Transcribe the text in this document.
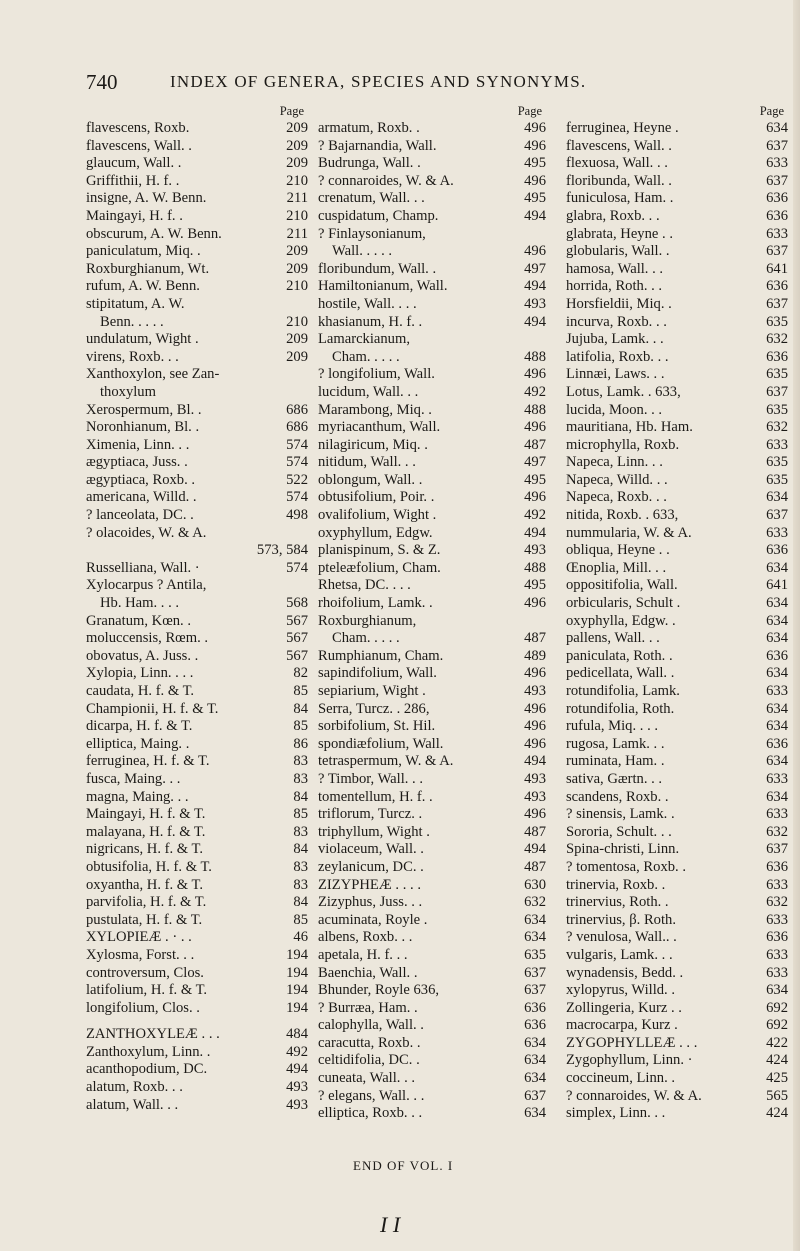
740	INDEX OF GENERA, SPECIES AND SYNONYMS.
Page
flavescens, Roxb.	209
flavescens, Wall. .	209
glaucum, Wall. .	209
Griffithii, H. f. .	210
insigne, A. W. Benn.	211
Maingayi, H. f. .	210
obscurum, A. W. Benn.	211
paniculatum, Miq. .	209
Roxburghianum, Wt.	209
rufum, A. W. Benn.	210
stipitatum, A. W.
Benn. . . . .	210
undulatum, Wight .	209
virens, Roxb. . .	209
Xanthoxylon, see Zan-
thoxylum
Xerospermum, Bl. .	686
Noronhianum, Bl. .	686
Ximenia, Linn. . .	574
ægyptiaca, Juss. .	574
ægyptiaca, Roxb. .	522
americana, Willd. .	574
? lanceolata, DC. .	498
? olacoides, W. & A.
573, 584
Russelliana, Wall. ·	574
Xylocarpus ? Antila,
Hb. Ham. . . .	568
Granatum, Kœn. .	567
moluccensis, Rœm. .	567
obovatus, A. Juss. .	567
Xylopia, Linn. . . .	82
caudata, H. f. & T.	85
Championii, H. f. & T.	84
dicarpa, H. f. & T.	85
elliptica, Maing. .	86
ferruginea, H. f. & T.	83
fusca, Maing. . .	83
magna, Maing. . .	84
Maingayi, H. f. & T.	85
malayana, H. f. & T.	83
nigricans, H. f. & T.	84
obtusifolia, H. f. & T.	83
oxyantha, H. f. & T.	83
parvifolia, H. f. & T.	84
pustulata, H. f. & T.	85
XYLOPIEÆ . · . .	46
Xylosma, Forst. . .	194
controversum, Clos.	194
latifolium, H. f. & T.	194
longifolium, Clos. .	194
ZANTHOXYLEÆ . . .	484
Zanthoxylum, Linn. .	492
acanthopodium, DC.	494
alatum, Roxb. . .	493
alatum, Wall. . .	493
Page
armatum, Roxb. .	496
? Bajarnandia, Wall.	496
Budrunga, Wall. .	495
? connaroides, W. & A.	496
crenatum, Wall. . .	495
cuspidatum, Champ.	494
? Finlaysonianum,
Wall. . . . .	496
floribundum, Wall. .	497
Hamiltonianum, Wall.	494
hostile, Wall. . . .	493
khasianum, H. f. .	494
Lamarckianum,
Cham. . . . .	488
? longifolium, Wall.	496
lucidum, Wall. . .	492
Marambong, Miq. .	488
myriacanthum, Wall.	496
nilagiricum, Miq. .	487
nitidum, Wall. . .	497
oblongum, Wall. .	495
obtusifolium, Poir. .	496
ovalifolium, Wight .	492
oxyphyllum, Edgw.	494
planispinum, S. & Z.	493
pteleæfolium, Cham.	488
Rhetsa, DC. . . .	495
rhoifolium, Lamk. .	496
Roxburghianum,
Cham. . . . .	487
Rumphianum, Cham.	489
sapindifolium, Wall.	496
sepiarium, Wight .	493
Serra, Turcz. . 286,	496
sorbifolium, St. Hil.	496
spondiæfolium, Wall.	496
tetraspermum, W. & A.	494
? Timbor, Wall. . .	493
tomentellum, H. f. .	493
triflorum, Turcz. .	496
triphyllum, Wight .	487
violaceum, Wall. .	494
zeylanicum, DC. .	487
ZIZYPHEÆ . . . .	630
Zizyphus, Juss. . .	632
acuminata, Royle .	634
albens, Roxb. . .	634
apetala, H. f. . .	635
Baenchia, Wall. .	637
Bhunder, Royle 636,	637
? Burræa, Ham. .	636
calophylla, Wall. .	636
caracutta, Roxb. .	634
celtidifolia, DC. .	634
cuneata, Wall. . .	634
? elegans, Wall. . .	637
elliptica, Roxb. . .	634
Page
ferruginea, Heyne .	634
flavescens, Wall. .	637
flexuosa, Wall. . .	633
floribunda, Wall. .	637
funiculosa, Ham. .	636
glabra, Roxb. . .	636
glabrata, Heyne . .	633
globularis, Wall. .	637
hamosa, Wall. . .	641
horrida, Roth. . .	636
Horsfieldii, Miq. .	637
incurva, Roxb. . .	635
Jujuba, Lamk. . .	632
latifolia, Roxb. . .	636
Linnæi, Laws. . .	635
Lotus, Lamk. . 633,	637
lucida, Moon. . .	635
mauritiana, Hb. Ham.	632
microphylla, Roxb.	633
Napeca, Linn. . .	635
Napeca, Willd. . .	635
Napeca, Roxb. . .	634
nitida, Roxb. . 633,	637
nummularia, W. & A.	633
obliqua, Heyne . .	636
Œnoplia, Mill. . .	634
oppositifolia, Wall.	641
orbicularis, Schult .	634
oxyphylla, Edgw. .	634
pallens, Wall. . .	634
paniculata, Roth. .	636
pedicellata, Wall. .	634
rotundifolia, Lamk.	633
rotundifolia, Roth.	634
rufula, Miq. . . .	634
rugosa, Lamk. . .	636
ruminata, Ham. .	634
sativa, Gærtn. . .	633
scandens, Roxb. .	634
? sinensis, Lamk. .	633
Sororia, Schult. . .	632
Spina-christi, Linn.	637
? tomentosa, Roxb. .	636
trinervia, Roxb. .	633
trinervius, Roth. .	632
trinervius, β. Roth.	633
? venulosa, Wall.. .	636
vulgaris, Lamk. . .	633
wynadensis, Bedd. .	633
xylopyrus, Willd. .	634
Zollingeria, Kurz . .	692
macrocarpa, Kurz .	692
ZYGOPHYLLEÆ . . .	422
Zygophyllum, Linn. ·	424
coccineum, Linn. .	425
? connaroides, W. & A.	565
simplex, Linn. . .	424
END OF VOL. I
I I
